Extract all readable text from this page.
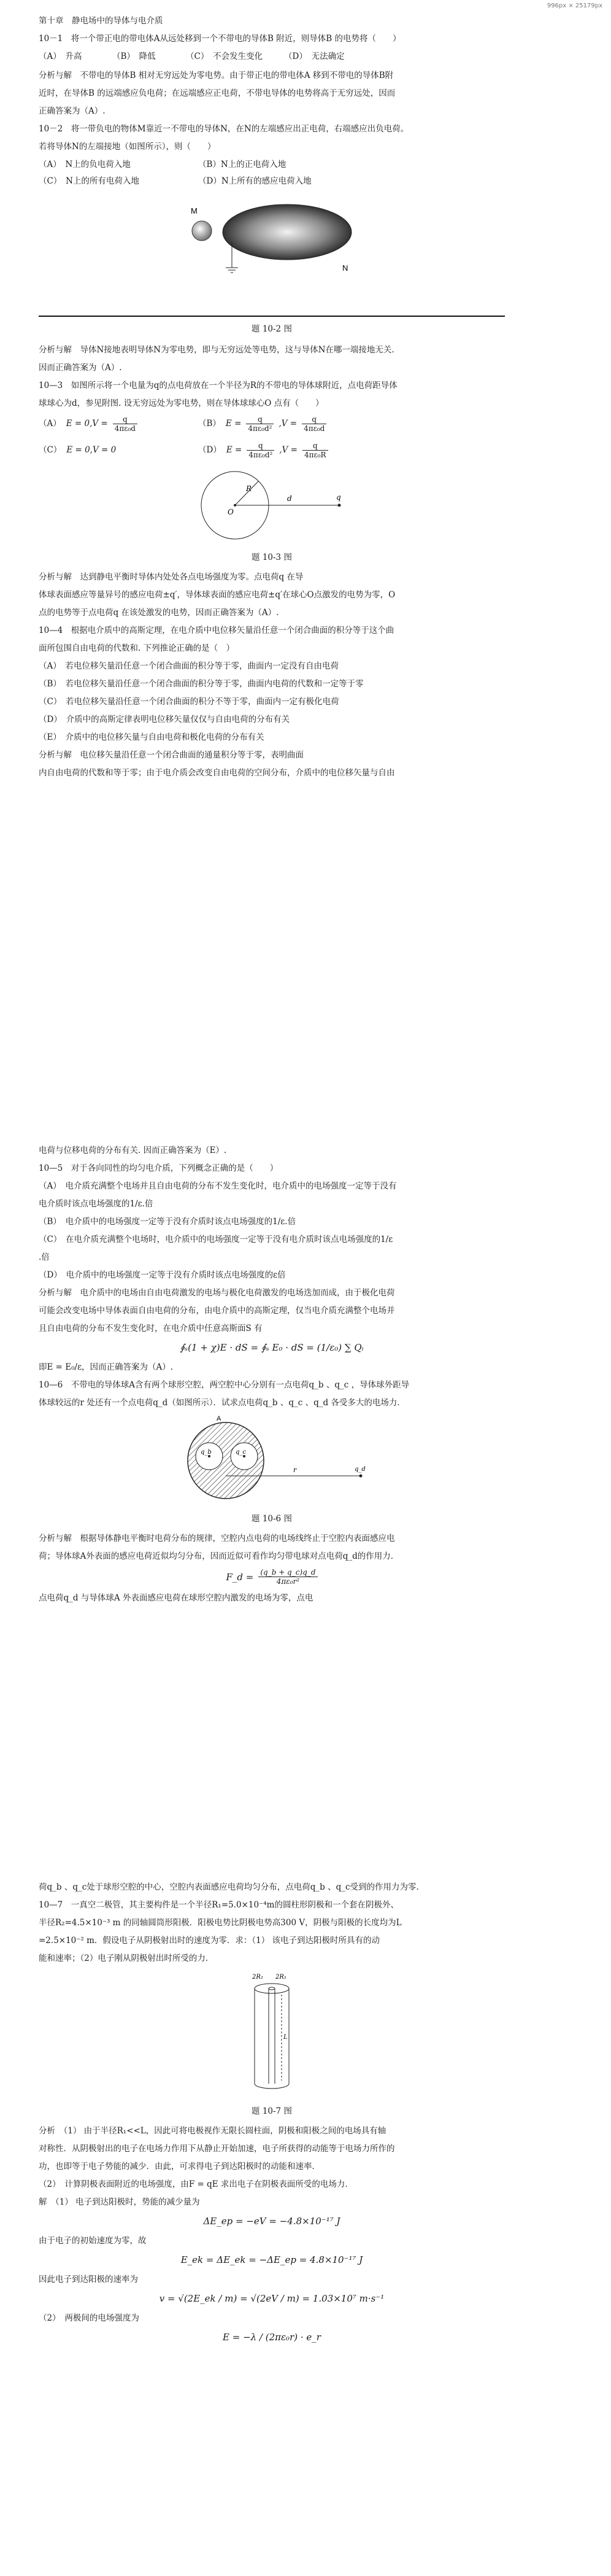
996px × 25179px

第十章　静电场中的导体与电介质

10－1　将一个带正电的带电体A从远处移到一个不带电的导体B 附近，则导体B 的电势将（　　）

（A）　升高	（B）　降低	（C）　不会发生变化	（D）　无法确定

分析与解　不带电的导体B 相对无穷远处为零电势。由于带正电的带电体A 移到不带电的导体B附

近时，在导体B 的远端感应负电荷；在远端感应正电荷，不带电导体的电势将高于无穷远处，因而

正确答案为（A）.

10－2　将一带负电的物体M靠近一不带电的导体N，在N的左端感应出正电荷，右端感应出负电荷。

若将导体N的左端接地（如图所示），则（　　）

（A）　N上的负电荷入地	（B）N上的正电荷入地
（C）　N上的所有电荷入地	（D）N上所有的感应电荷入地
M
N

题 10-2 图

分析与解　导体N接地表明导体N为零电势，即与无穷远处等电势，这与导体N在哪一端接地无关.

因而正确答案为（A）.

10—3　如图所示将一个电量为q的点电荷放在一个半径为R的不带电的导体球附近，点电荷距导体

球球心为d，参见附图. 设无穷远处为零电势，则在导体球球心O 点有（　　）

（A） $E = 0,V = \frac{q}{\text{4πε₀d}}$	（B） $E = \frac{q}{\text{4πε₀d²}} ,V = \frac{q}{\text{4πε₀d}}$
（C） E = 0,V = 0	（D） $E = \frac{q}{\text{4πε₀d²}} ,V = \frac{q}{\text{4πε₀R}}$
R
O
d	q

题 10-3 图

分析与解　达到静电平衡时导体内处处各点电场强度为零。点电荷q 在导

体球表面感应等量异号的感应电荷±q′，导体球表面的感应电荷±q′在球心O点激发的电势为零，O

点的电势等于点电荷q 在该处激发的电势，因而正确答案为（A）.

10—4　根据电介质中的高斯定理，在电介质中电位移矢量沿任意一个闭合曲面的积分等于这个曲

面所包围自由电荷的代数和. 下列推论正确的是（　）

（A）　若电位移矢量沿任意一个闭合曲面的积分等于零，曲面内一定没有自由电荷

（B）　若电位移矢量沿任意一个闭合曲面的积分等于零，曲面内电荷的代数和一定等于零

（C）　若电位移矢量沿任意一个闭合曲面的积分不等于零，曲面内一定有极化电荷

（D）　介质中的高斯定律表明电位移矢量仅仅与自由电荷的分布有关

（E）　介质中的电位移矢量与自由电荷和极化电荷的分布有关

分析与解　电位移矢量沿任意一个闭合曲面的通量积分等于零，表明曲面

内自由电荷的代数和等于零；由于电介质会改变自由电荷的空间分布，介质中的电位移矢量与自由

电荷与位移电荷的分布有关. 因而正确答案为（E）.

10—5　对于各向同性的均匀电介质，下列概念正确的是（　　）

（A）　电介质充满整个电场并且自由电荷的分布不发生变化时，电介质中的电场强度一定等于没有

电介质时该点电场强度的1/ε.倍

（B）　电介质中的电场强度一定等于没有介质时该点电场强度的1/ε.倍

（C）　在电介质充满整个电场时，电介质中的电场强度一定等于没有电介质时该点电场强度的1/ε

.倍

（D）　电介质中的电场强度一定等于没有介质时该点电场强度的ε倍

分析与解　电介质中的电场由自由电荷激发的电场与极化电荷激发的电场迭加而成，由于极化电荷

可能会改变电场中导体表面自由电荷的分布，由电介质中的高斯定理，仅当电介质充满整个电场并

且自由电荷的分布不发生变化时，在电介质中任意高斯面S 有

∮ₛ(1 + χ)E · dS = ∮ₛ E₀ · dS = (1/ε₀) ∑ Qᵢ

即E = E₀/ε，因而正确答案为（A）.

10—6　不带电的导体球A含有两个球形空腔，两空腔中心分别有一点电荷q_b 、q_c ，导体球外距导

体球较远的r 处还有一个点电荷q_d（如图所示）．试求点电荷q_b 、q_c 、q_d 各受多大的电场力．

A
q_b	q_c
q_d
r

题 10-6 图

分析与解　根据导体静电平衡时电荷分布的规律，空腔内点电荷的电场线终止于空腔内表面感应电

荷；导体球A外表面的感应电荷近似均匀分布，因而近似可看作均匀带电球对点电荷q_d的作用力．

F_d = $\frac{(q\_b + q\_c)q\_d}{\text{4πε₀r²}}$

点电荷q_d 与导体球A 外表面感应电荷在球形空腔内激发的电场为零，点电

荷q_b 、q_c处于球形空腔的中心，空腔内表面感应电荷均匀分布，点电荷q_b 、q_c受到的作用力为零.

10—7　一真空二极管，其主要构件是一个半径R₁=5.0×10⁻⁴m的圆柱形阴极和一个套在阴极外、

半径R₂=4.5×10⁻³ m 的同轴圆筒形阳极．阳极电势比阴极电势高300 V，阴极与阳极的长度均为L

=2.5×10⁻² m．假设电子从阴极射出时的速度为零．求：（1） 该电子到达阳极时所具有的动

能和速率；（2）电子刚从阴极射出时所受的力．

2R₂ 2R₁
L

题 10-7 图

分析　（1） 由于半径R₁<<L，因此可将电极视作无限长圆柱面，阴极和阳极之间的电场具有轴

对称性．从阴极射出的电子在电场力作用下从静止开始加速，电子所获得的动能等于电场力所作的

功，也即等于电子势能的减少．由此，可求得电子到达阳极时的动能和速率．

（2）　计算阴极表面附近的电场强度，由F = qE 求出电子在阴极表面所受的电场力．

解　（1） 电子到达阳极时，势能的减少量为

ΔE_ep = −eV = −4.8×10⁻¹⁷ J

由于电子的初始速度为零，故

E_ek = ΔE_ek = −ΔE_ep = 4.8×10⁻¹⁷ J

因此电子到达阳极的速率为

v = √(2E_ek / m) = √(2eV / m) = 1.03×10⁷ m·s⁻¹

（2）　两极间的电场强度为

E = −λ / (2πε₀r) · e_r
